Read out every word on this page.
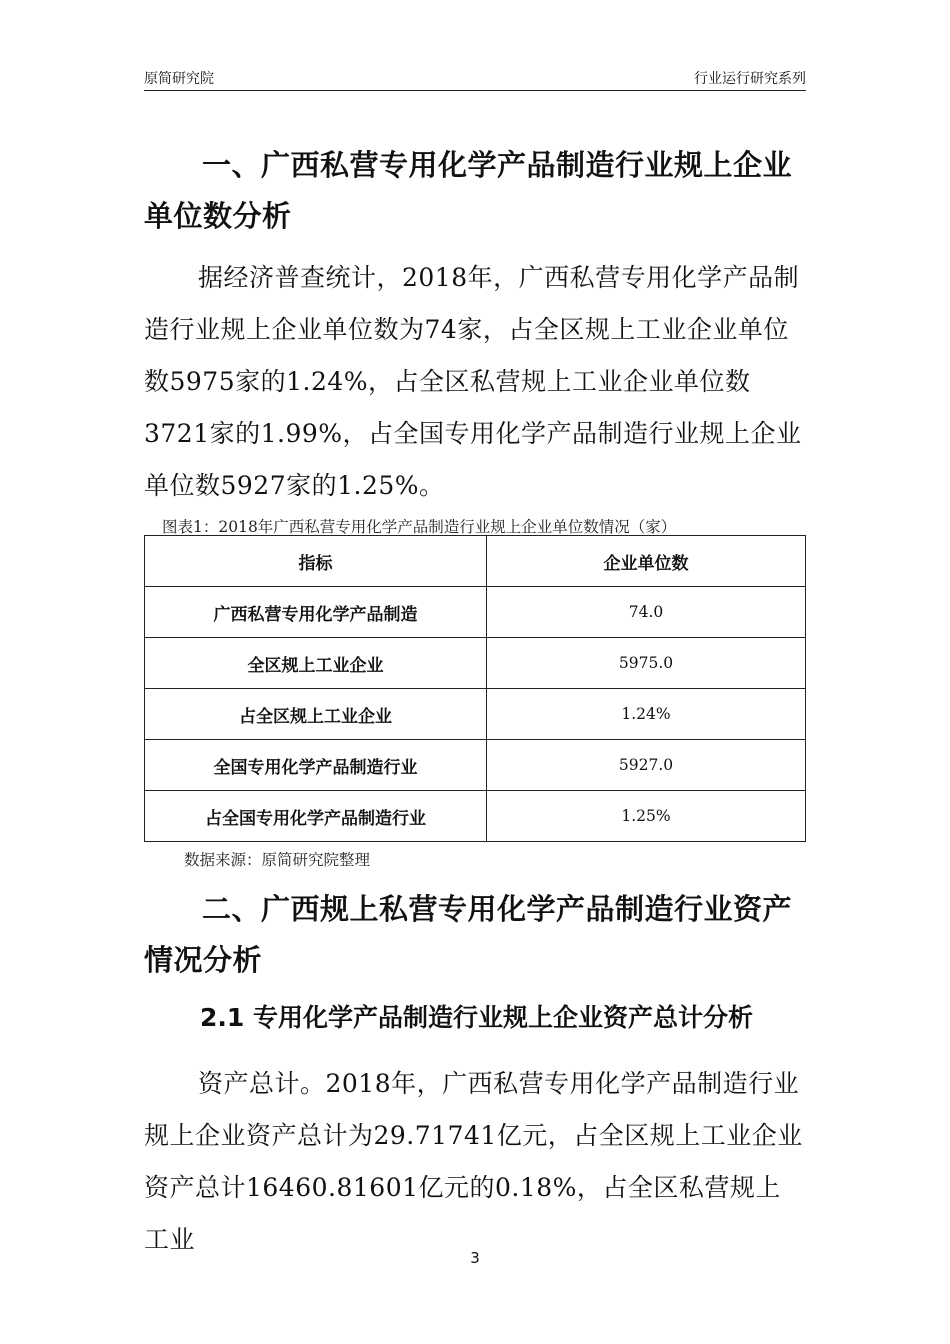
原简研究院	行业运行研究系列
一、广西私营专用化学产品制造行业规上企业单位数分析
据经济普查统计，2018年，广西私营专用化学产品制造行业规上企业单位数为74家，占全区规上工业企业单位数5975家的1.24%，占全区私营规上工业企业单位数3721家的1.99%，占全国专用化学产品制造行业规上企业单位数5927家的1.25%。
图表1：2018年广西私营专用化学产品制造行业规上企业单位数情况（家）
指标	企业单位数
广西私营专用化学产品制造	74.0
全区规上工业企业	5975.0
占全区规上工业企业	1.24%
全国专用化学产品制造行业	5927.0
占全国专用化学产品制造行业	1.25%
数据来源：原简研究院整理
二、广西规上私营专用化学产品制造行业资产情况分析
2.1 专用化学产品制造行业规上企业资产总计分析
资产总计。2018年，广西私营专用化学产品制造行业规上企业资产总计为29.71741亿元，占全区规上工业企业资产总计16460.81601亿元的0.18%，占全区私营规上工业
3
